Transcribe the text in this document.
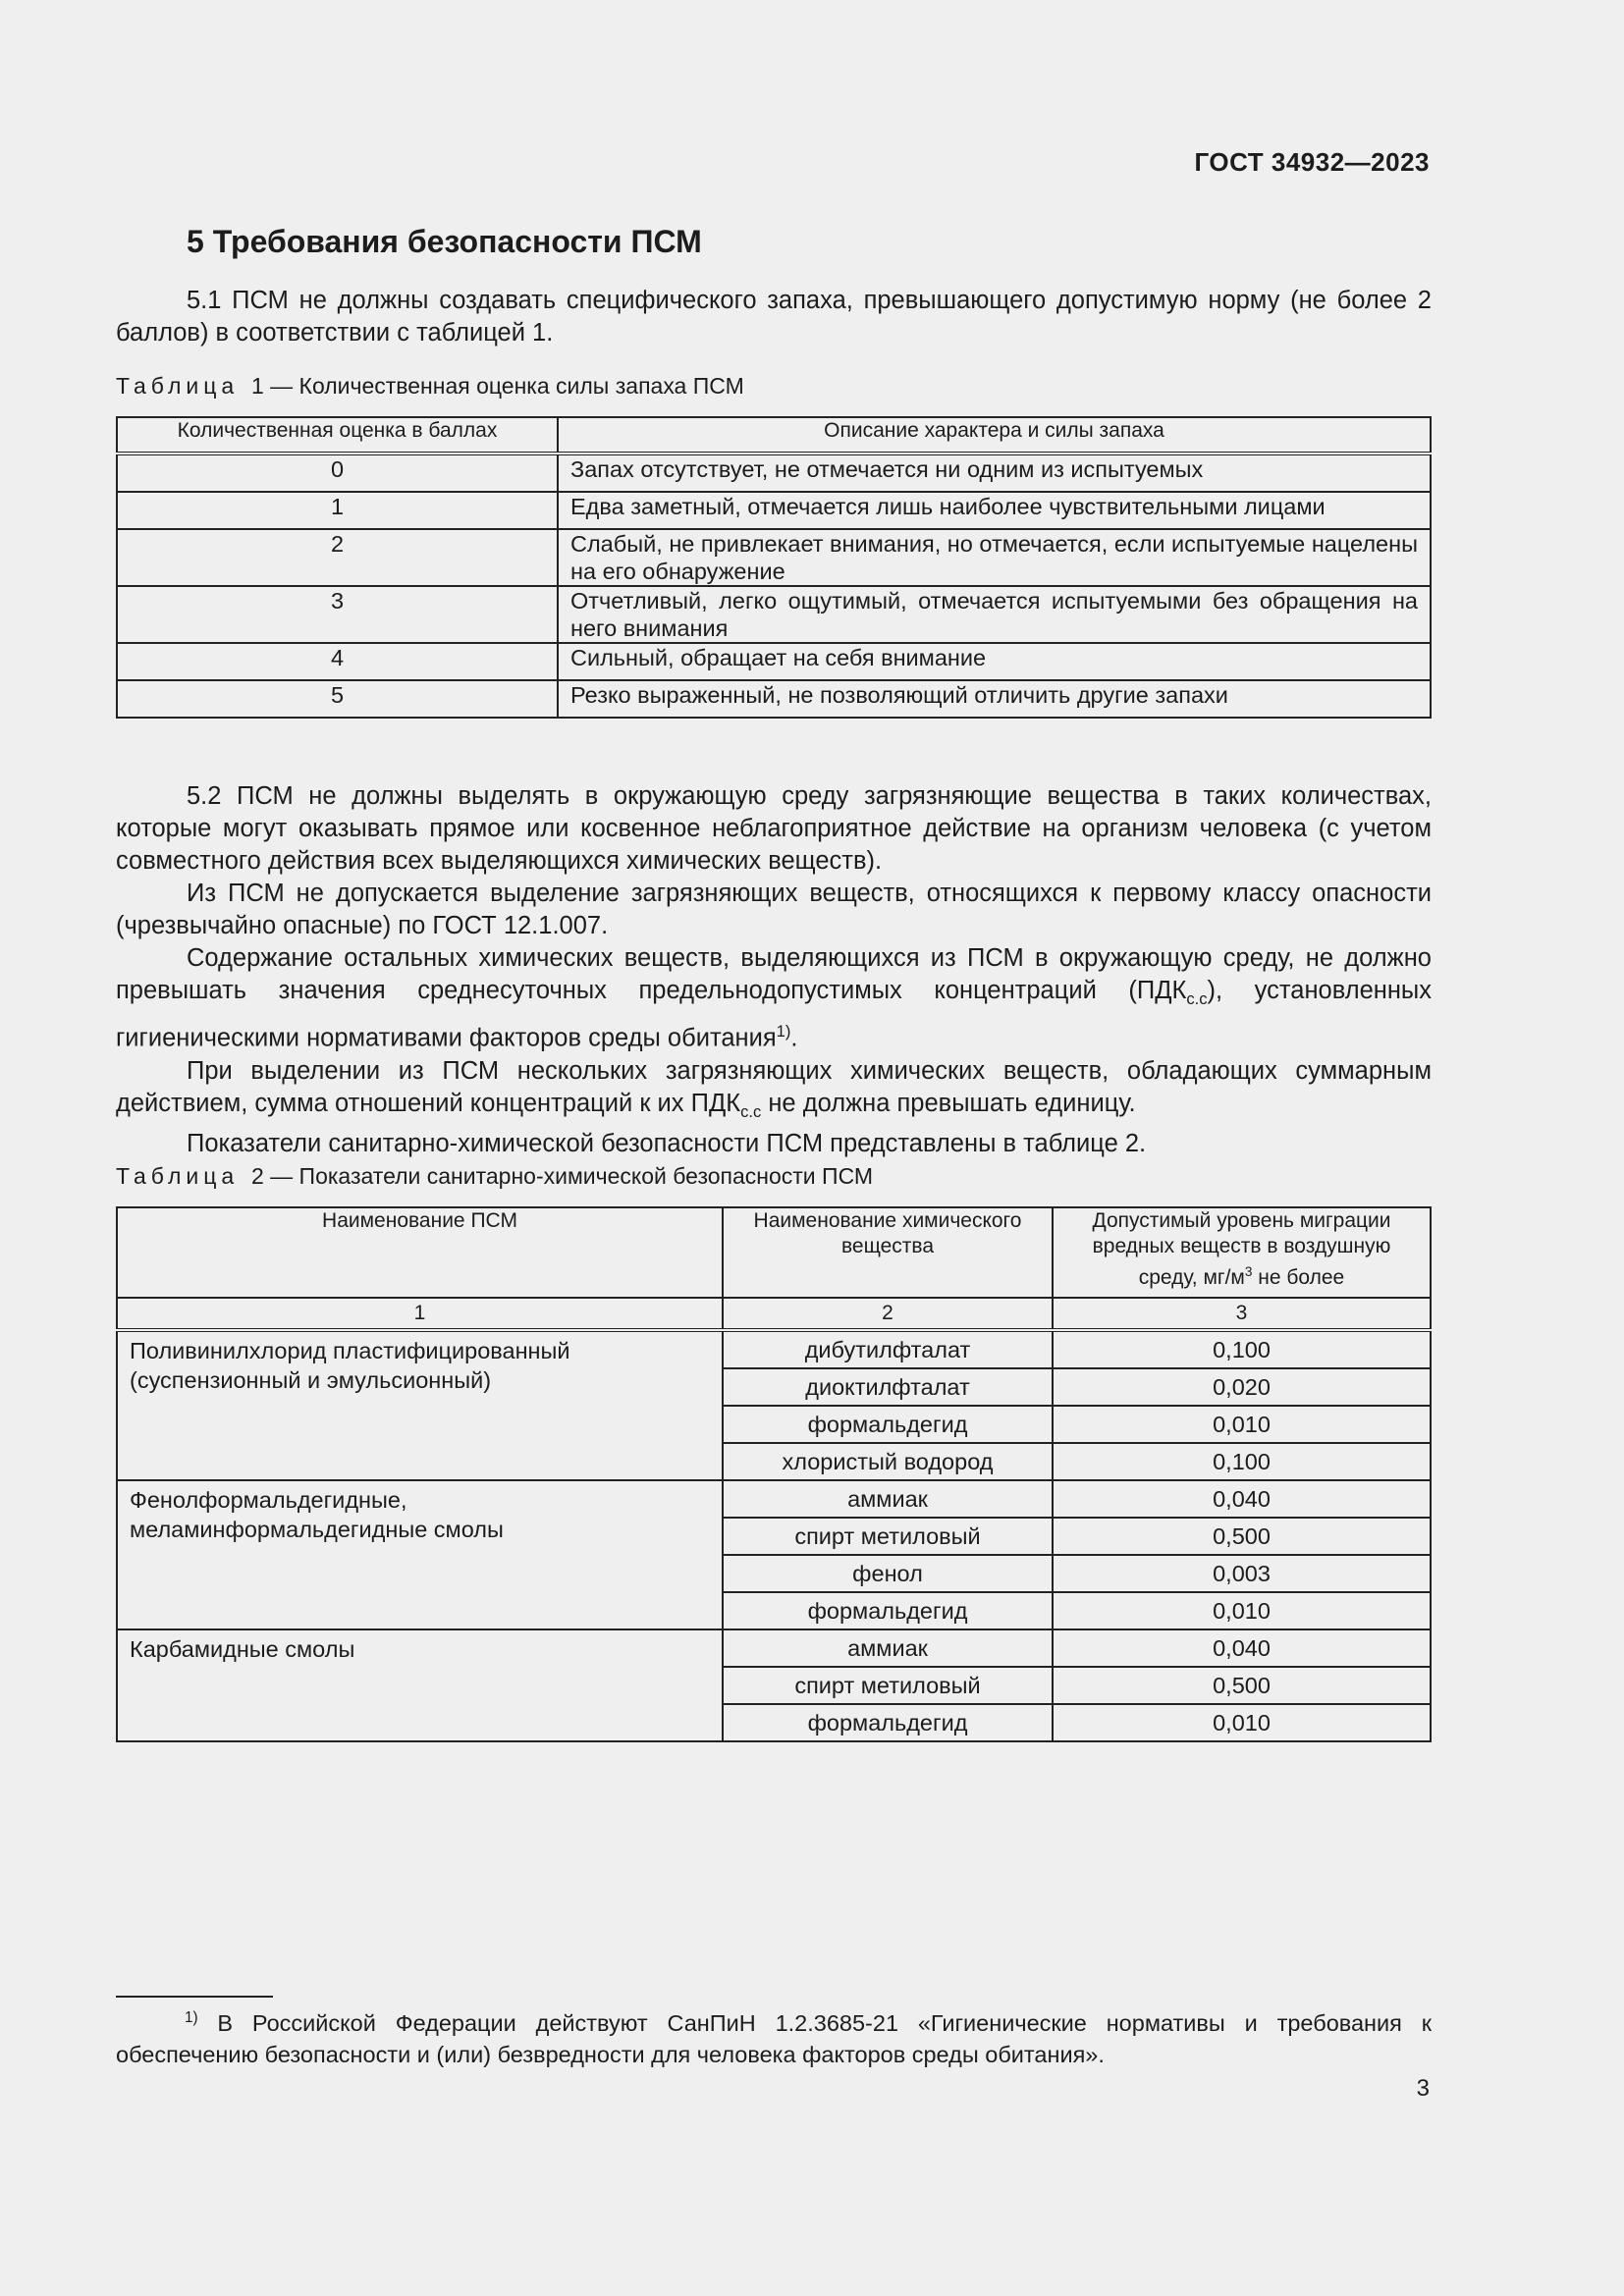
ГОСТ 34932—2023
5 Требования безопасности ПСМ

5.1 ПСМ не должны создавать специфического запаха, превышающего допустимую норму (не более 2 баллов) в соответствии с таблицей 1.

Таблица 1 — Количественная оценка силы запаха ПСМ

Количественная оценка в баллах	Описание характера и силы запаха
0	Запах отсутствует, не отмечается ни одним из испытуемых
1	Едва заметный, отмечается лишь наиболее чувствительными лицами
2	Слабый, не привлекает внимания, но отмечается, если испытуемые нацелены на его обнаружение
3	Отчетливый, легко ощутимый, отмечается испытуемыми без обращения на него внимания
4	Сильный, обращает на себя внимание
5	Резко выраженный, не позволяющий отличить другие запахи

5.2 ПСМ не должны выделять в окружающую среду загрязняющие вещества в таких количествах, которые могут оказывать прямое или косвенное неблагоприятное действие на организм человека (с учетом совместного действия всех выделяющихся химических веществ).

Из ПСМ не допускается выделение загрязняющих веществ, относящихся к первому классу опасности (чрезвычайно опасные) по ГОСТ 12.1.007.

Содержание остальных химических веществ, выделяющихся из ПСМ в окружающую среду, не должно превышать значения среднесуточных предельнодопустимых концентраций $(ПДК_{с.с})$, установленных гигиеническими нормативами факторов среды обитания$^{1)}$.

При выделении из ПСМ нескольких загрязняющих химических веществ, обладающих суммарным действием, сумма отношений концентраций к их $ПДК_{с.с}$ не должна превышать единицу.

Показатели санитарно-химической безопасности ПСМ представлены в таблице 2.

Таблица 2 — Показатели санитарно-химической безопасности ПСМ

Наименование ПСМ	Наименование химического вещества	Допустимый уровень миграции вредных веществ в воздушную среду, $мг/м^3$ не более
1	2	3
Поливинилхлорид пластифицированный (суспензионный и эмульсионный)	дибутилфталат	0,100
	диоктилфталат	0,020
	формальдегид	0,010
	хлористый водород	0,100
Фенолформальдегидные, меламинформальдегидные смолы	аммиак	0,040
	спирт метиловый	0,500
	фенол	0,003
	формальдегид	0,010
Карбамидные смолы	аммиак	0,040
	спирт метиловый	0,500
	формальдегид	0,010

$^{1)}$ В Российской Федерации действуют СанПиН 1.2.3685-21 «Гигиенические нормативы и требования к обеспечению безопасности и (или) безвредности для человека факторов среды обитания».

3
